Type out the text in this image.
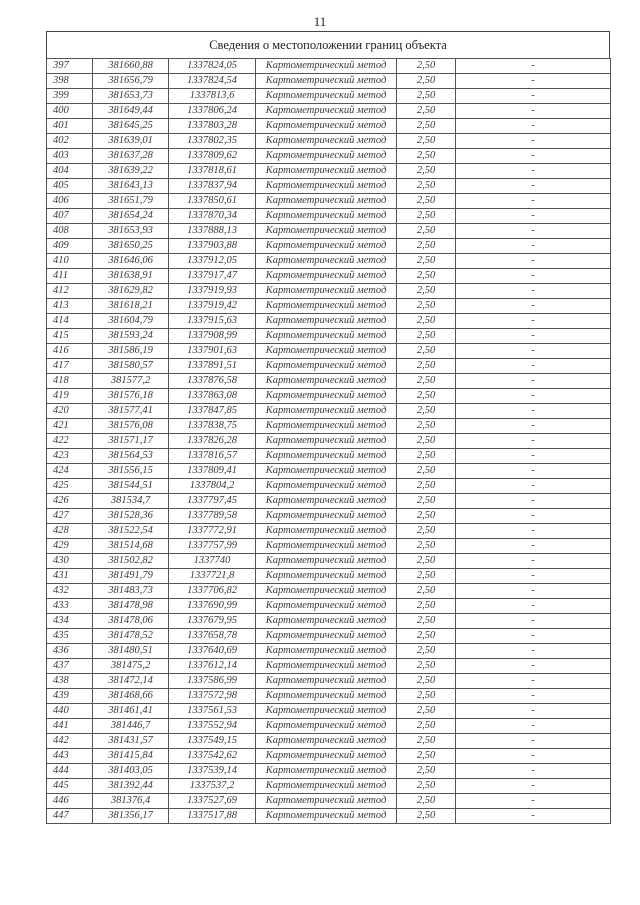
11
Сведения о местоположении границ объекта
397	381660,88	1337824,05	Картометрический метод	2,50	-
398	381656,79	1337824,54	Картометрический метод	2,50	-
399	381653,73	1337813,6	Картометрический метод	2,50	-
400	381649,44	1337806,24	Картометрический метод	2,50	-
401	381645,25	1337803,28	Картометрический метод	2,50	-
402	381639,01	1337802,35	Картометрический метод	2,50	-
403	381637,28	1337809,62	Картометрический метод	2,50	-
404	381639,22	1337818,61	Картометрический метод	2,50	-
405	381643,13	1337837,94	Картометрический метод	2,50	-
406	381651,79	1337850,61	Картометрический метод	2,50	-
407	381654,24	1337870,34	Картометрический метод	2,50	-
408	381653,93	1337888,13	Картометрический метод	2,50	-
409	381650,25	1337903,88	Картометрический метод	2,50	-
410	381646,06	1337912,05	Картометрический метод	2,50	-
411	381638,91	1337917,47	Картометрический метод	2,50	-
412	381629,82	1337919,93	Картометрический метод	2,50	-
413	381618,21	1337919,42	Картометрический метод	2,50	-
414	381604,79	1337915,63	Картометрический метод	2,50	-
415	381593,24	1337908,99	Картометрический метод	2,50	-
416	381586,19	1337901,63	Картометрический метод	2,50	-
417	381580,57	1337891,51	Картометрический метод	2,50	-
418	381577,2	1337876,58	Картометрический метод	2,50	-
419	381576,18	1337863,08	Картометрический метод	2,50	-
420	381577,41	1337847,85	Картометрический метод	2,50	-
421	381576,08	1337838,75	Картометрический метод	2,50	-
422	381571,17	1337826,28	Картометрический метод	2,50	-
423	381564,53	1337816,57	Картометрический метод	2,50	-
424	381556,15	1337809,41	Картометрический метод	2,50	-
425	381544,51	1337804,2	Картометрический метод	2,50	-
426	381534,7	1337797,45	Картометрический метод	2,50	-
427	381528,36	1337789,58	Картометрический метод	2,50	-
428	381522,54	1337772,91	Картометрический метод	2,50	-
429	381514,68	1337757,99	Картометрический метод	2,50	-
430	381502,82	1337740	Картометрический метод	2,50	-
431	381491,79	1337721,8	Картометрический метод	2,50	-
432	381483,73	1337706,82	Картометрический метод	2,50	-
433	381478,98	1337690,99	Картометрический метод	2,50	-
434	381478,06	1337679,95	Картометрический метод	2,50	-
435	381478,52	1337658,78	Картометрический метод	2,50	-
436	381480,51	1337640,69	Картометрический метод	2,50	-
437	381475,2	1337612,14	Картометрический метод	2,50	-
438	381472,14	1337586,99	Картометрический метод	2,50	-
439	381468,66	1337572,98	Картометрический метод	2,50	-
440	381461,41	1337561,53	Картометрический метод	2,50	-
441	381446,7	1337552,94	Картометрический метод	2,50	-
442	381431,57	1337549,15	Картометрический метод	2,50	-
443	381415,84	1337542,62	Картометрический метод	2,50	-
444	381403,05	1337539,14	Картометрический метод	2,50	-
445	381392,44	1337537,2	Картометрический метод	2,50	-
446	381376,4	1337527,69	Картометрический метод	2,50	-
447	381356,17	1337517,88	Картометрический метод	2,50	-
